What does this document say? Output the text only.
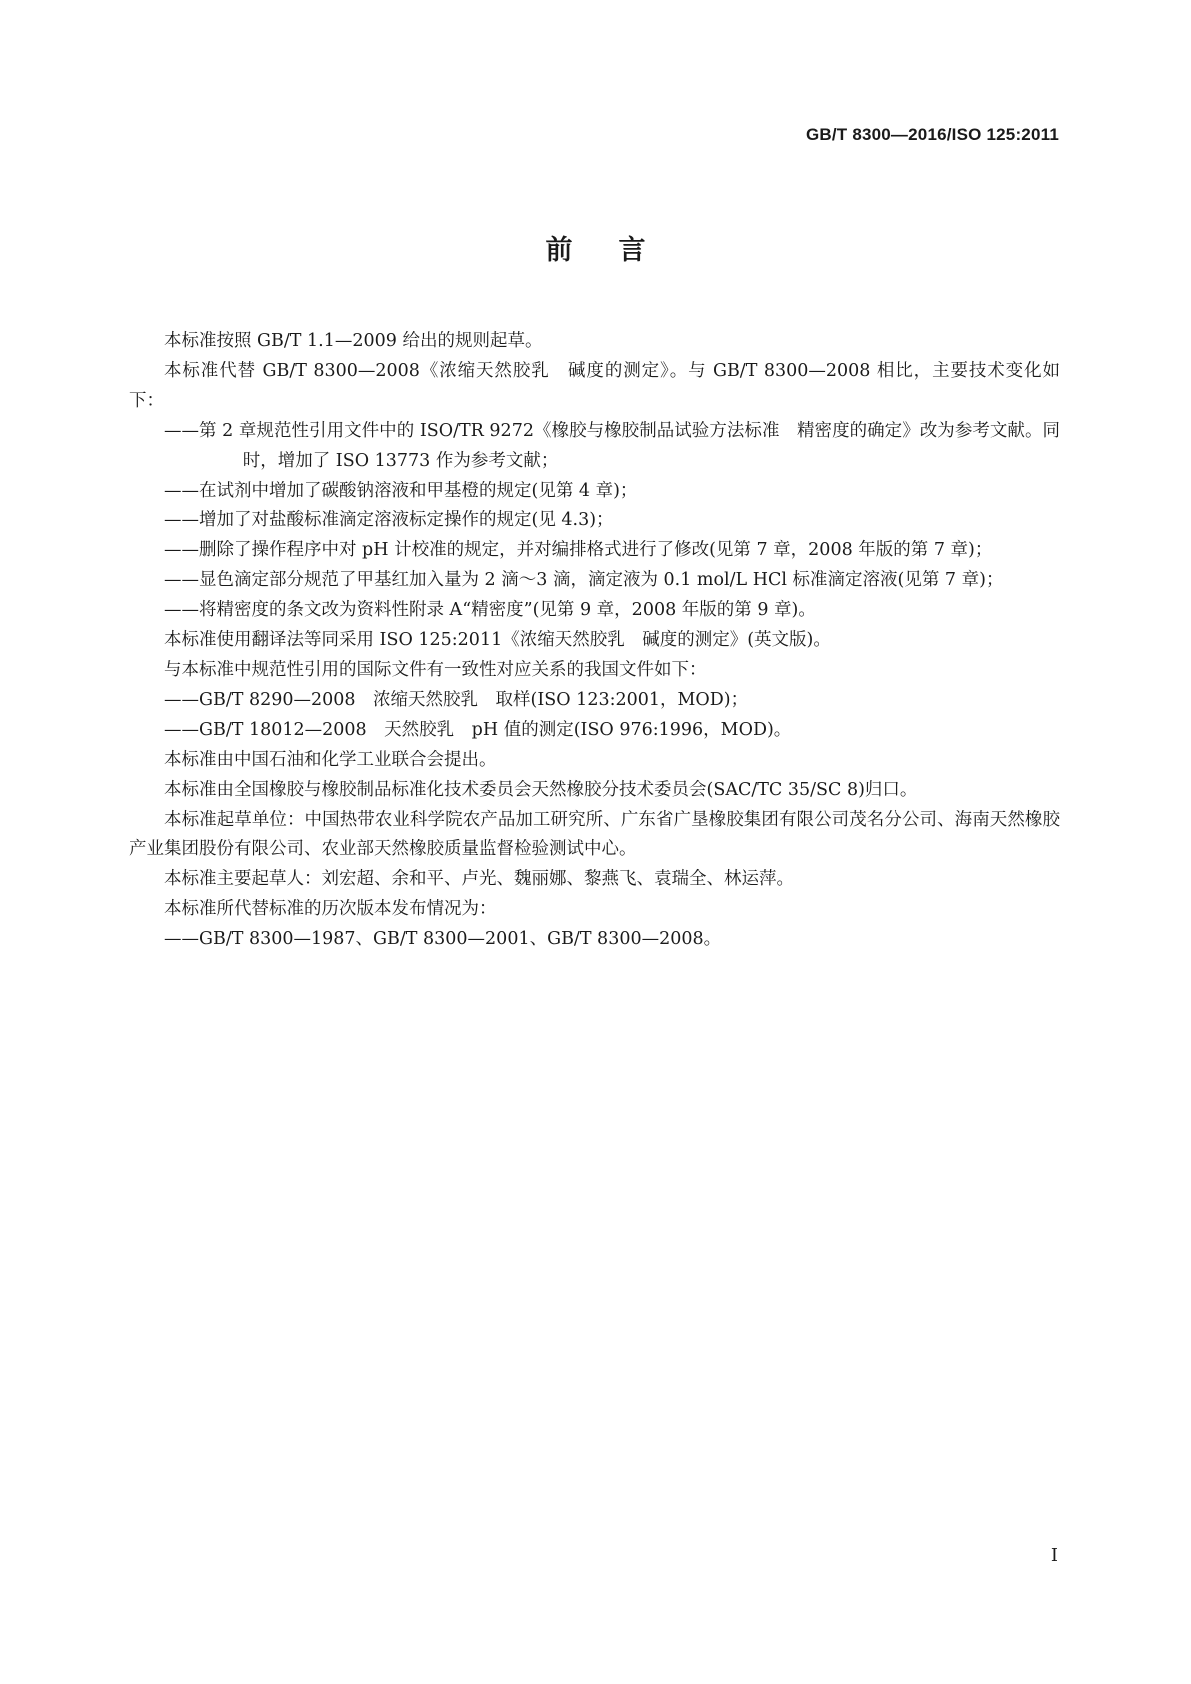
GB/T 8300—2016/ISO 125:2011
前言

本标准按照 GB/T 1.1—2009 给出的规则起草。

本标准代替 GB/T 8300—2008《浓缩天然胶乳　碱度的测定》。与 GB/T 8300—2008 相比，主要技术变化如下：

——第 2 章规范性引用文件中的 ISO/TR 9272《橡胶与橡胶制品试验方法标准　精密度的确定》改为参考文献。同时，增加了 ISO 13773 作为参考文献；

——在试剂中增加了碳酸钠溶液和甲基橙的规定(见第 4 章)；

——增加了对盐酸标准滴定溶液标定操作的规定(见 4.3)；

——删除了操作程序中对 pH 计校准的规定，并对编排格式进行了修改(见第 7 章，2008 年版的第 7 章)；

——显色滴定部分规范了甲基红加入量为 2 滴～3 滴，滴定液为 0.1 mol/L HCl 标准滴定溶液(见第 7 章)；

——将精密度的条文改为资料性附录 A“精密度”(见第 9 章，2008 年版的第 9 章)。

本标准使用翻译法等同采用 ISO 125:2011《浓缩天然胶乳　碱度的测定》(英文版)。

与本标准中规范性引用的国际文件有一致性对应关系的我国文件如下：

——GB/T 8290—2008　浓缩天然胶乳　取样(ISO 123:2001，MOD)；

——GB/T 18012—2008　天然胶乳　pH 值的测定(ISO 976:1996，MOD)。

本标准由中国石油和化学工业联合会提出。

本标准由全国橡胶与橡胶制品标准化技术委员会天然橡胶分技术委员会(SAC/TC 35/SC 8)归口。

本标准起草单位：中国热带农业科学院农产品加工研究所、广东省广垦橡胶集团有限公司茂名分公司、海南天然橡胶产业集团股份有限公司、农业部天然橡胶质量监督检验测试中心。

本标准主要起草人：刘宏超、余和平、卢光、魏丽娜、黎燕飞、袁瑞全、林运萍。

本标准所代替标准的历次版本发布情况为：

——GB/T 8300—1987、GB/T 8300—2001、GB/T 8300—2008。

I
